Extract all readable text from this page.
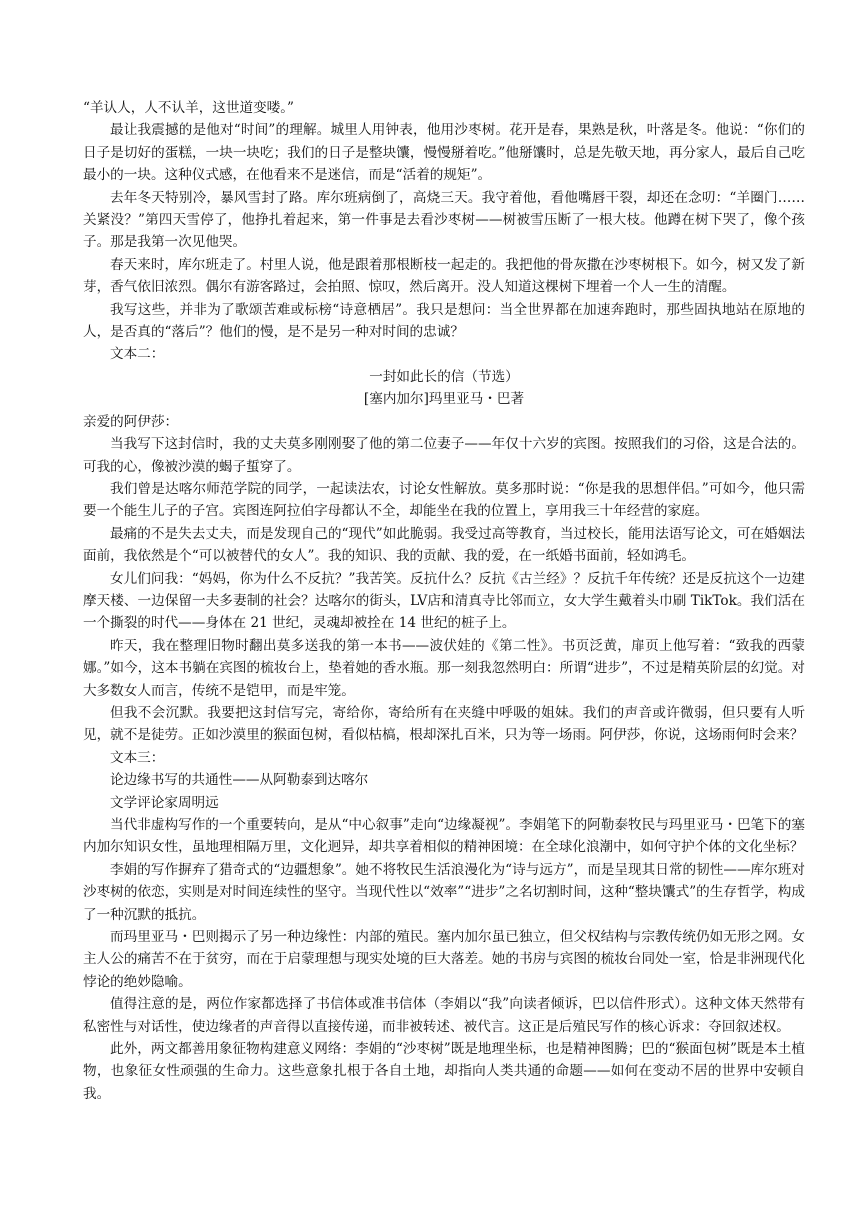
“羊认人，人不认羊，这世道变喽。”

最让我震撼的是他对“时间”的理解。城里人用钟表，他用沙枣树。花开是春，果熟是秋，叶落是冬。他说：“你们的日子是切好的蛋糕，一块一块吃；我们的日子是整块馕，慢慢掰着吃。”他掰馕时，总是先敬天地，再分家人，最后自己吃最小的一块。这种仪式感，在他看来不是迷信，而是“活着的规矩”。

去年冬天特别冷，暴风雪封了路。库尔班病倒了，高烧三天。我守着他，看他嘴唇干裂，却还在念叨：“羊圈门……关紧没？”第四天雪停了，他挣扎着起来，第一件事是去看沙枣树——树被雪压断了一根大枝。他蹲在树下哭了，像个孩子。那是我第一次见他哭。

春天来时，库尔班走了。村里人说，他是跟着那根断枝一起走的。我把他的骨灰撒在沙枣树根下。如今，树又发了新芽，香气依旧浓烈。偶尔有游客路过，会拍照、惊叹，然后离开。没人知道这棵树下埋着一个人一生的清醒。

我写这些，并非为了歌颂苦难或标榜“诗意栖居”。我只是想问：当全世界都在加速奔跑时，那些固执地站在原地的人，是否真的“落后”？他们的慢，是不是另一种对时间的忠诚？

文本二：

一封如此长的信（节选）

[塞内加尔]玛里亚马・巴著

亲爱的阿伊莎：

当我写下这封信时，我的丈夫莫多刚刚娶了他的第二位妻子——年仅十六岁的宾图。按照我们的习俗，这是合法的。可我的心，像被沙漠的蝎子蜇穿了。

我们曾是达喀尔师范学院的同学，一起读法农，讨论女性解放。莫多那时说：“你是我的思想伴侣。”可如今，他只需要一个能生儿子的子宫。宾图连阿拉伯字母都认不全，却能坐在我的位置上，享用我三十年经营的家庭。

最痛的不是失去丈夫，而是发现自己的“现代”如此脆弱。我受过高等教育，当过校长，能用法语写论文，可在婚姻法面前，我依然是个“可以被替代的女人”。我的知识、我的贡献、我的爱，在一纸婚书面前，轻如鸿毛。

女儿们问我：“妈妈，你为什么不反抗？”我苦笑。反抗什么？反抗《古兰经》？反抗千年传统？还是反抗这个一边建摩天楼、一边保留一夫多妻制的社会？达喀尔的街头，LV店和清真寺比邻而立，女大学生戴着头巾刷 TikTok。我们活在一个撕裂的时代——身体在 21 世纪，灵魂却被拴在 14 世纪的桩子上。

昨天，我在整理旧物时翻出莫多送我的第一本书——波伏娃的《第二性》。书页泛黄，扉页上他写着：“致我的西蒙娜。”如今，这本书躺在宾图的梳妆台上，垫着她的香水瓶。那一刻我忽然明白：所谓“进步”，不过是精英阶层的幻觉。对大多数女人而言，传统不是铠甲，而是牢笼。

但我不会沉默。我要把这封信写完，寄给你，寄给所有在夹缝中呼吸的姐妹。我们的声音或许微弱，但只要有人听见，就不是徒劳。正如沙漠里的猴面包树，看似枯槁，根却深扎百米，只为等一场雨。阿伊莎，你说，这场雨何时会来？

文本三：

论边缘书写的共通性——从阿勒泰到达喀尔

文学评论家周明远

当代非虚构写作的一个重要转向，是从“中心叙事”走向“边缘凝视”。李娟笔下的阿勒泰牧民与玛里亚马・巴笔下的塞内加尔知识女性，虽地理相隔万里，文化迥异，却共享着相似的精神困境：在全球化浪潮中，如何守护个体的文化坐标？

李娟的写作摒弃了猎奇式的“边疆想象”。她不将牧民生活浪漫化为“诗与远方”，而是呈现其日常的韧性——库尔班对沙枣树的依恋，实则是对时间连续性的坚守。当现代性以“效率”“进步”之名切割时间，这种“整块馕式”的生存哲学，构成了一种沉默的抵抗。

而玛里亚马・巴则揭示了另一种边缘性：内部的殖民。塞内加尔虽已独立，但父权结构与宗教传统仍如无形之网。女主人公的痛苦不在于贫穷，而在于启蒙理想与现实处境的巨大落差。她的书房与宾图的梳妆台同处一室，恰是非洲现代化悖论的绝妙隐喻。

值得注意的是，两位作家都选择了书信体或准书信体（李娟以“我”向读者倾诉，巴以信件形式）。这种文体天然带有私密性与对话性，使边缘者的声音得以直接传递，而非被转述、被代言。这正是后殖民写作的核心诉求：夺回叙述权。

此外，两文都善用象征物构建意义网络：李娟的“沙枣树”既是地理坐标，也是精神图腾；巴的“猴面包树”既是本土植物，也象征女性顽强的生命力。这些意象扎根于各自土地，却指向人类共通的命题——如何在变动不居的世界中安顿自我。
